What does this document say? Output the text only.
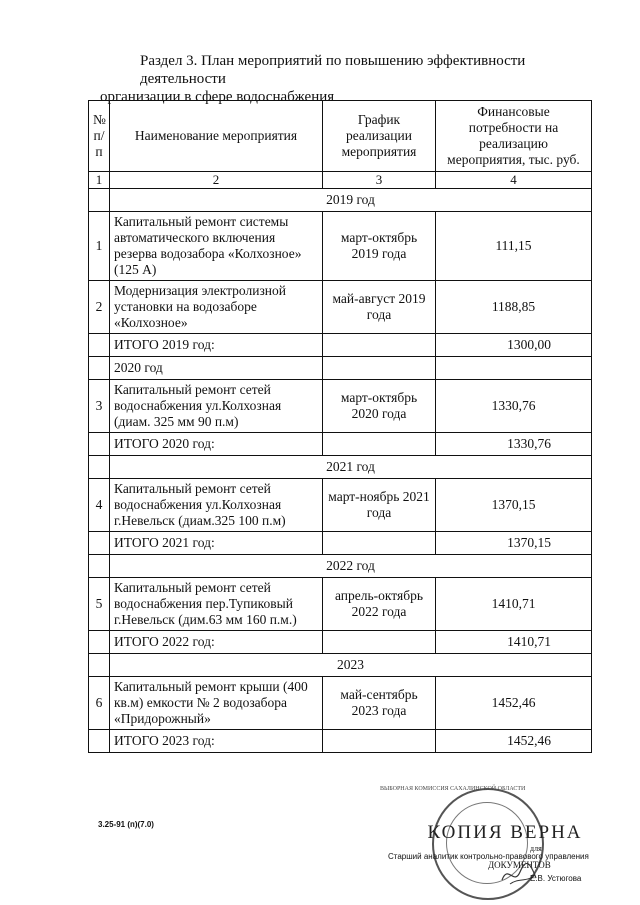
Раздел 3. План мероприятий по повышению эффективности деятельности
организации в сфере водоснабжения
№ п/п	Наименование мероприятия	График реализации мероприятия	Финансовые потребности на реализацию мероприятия, тыс. руб.
1	2	3	4
	2019 год		
1	Капитальный ремонт системы автоматического включения резерва водозабора «Колхозное» (125 А)	март-октябрь 2019 года	111,15
2	Модернизация электролизной установки на водозаборе «Колхозное»	май-август 2019 года	1188,85
	ИТОГО 2019 год:		1300,00
	2020 год		
3	Капитальный ремонт сетей водоснабжения ул.Колхозная (диам. 325 мм 90 п.м)	март-октябрь 2020 года	1330,76
	ИТОГО 2020 год:		1330,76
	2021 год		
4	Капитальный ремонт сетей водоснабжения ул.Колхозная г.Невельск (диам.325 100 п.м)	март-ноябрь 2021 года	1370,15
	ИТОГО 2021 год:		1370,15
	2022 год		
5	Капитальный ремонт сетей водоснабжения пер.Тупиковый г.Невельск (дим.63 мм 160 п.м.)	апрель-октябрь 2022 года	1410,71
	ИТОГО 2022 год:		1410,71
	2023		
6	Капитальный ремонт крыши (400 кв.м) емкости № 2 водозабора «Придорожный»	май-сентябрь 2023 года	1452,46
	ИТОГО 2023 год:		1452,46
3.25-91 (п)(7.0)
ВЫБОРНАЯ КОМИССИЯ САХАЛИНСКОЙ ОБЛАСТИ
КОПИЯ ВЕРНА
для
Старший аналитик контрольно-правового управления
ДОКУМЕНТОВ
Е.В. Устюгова
